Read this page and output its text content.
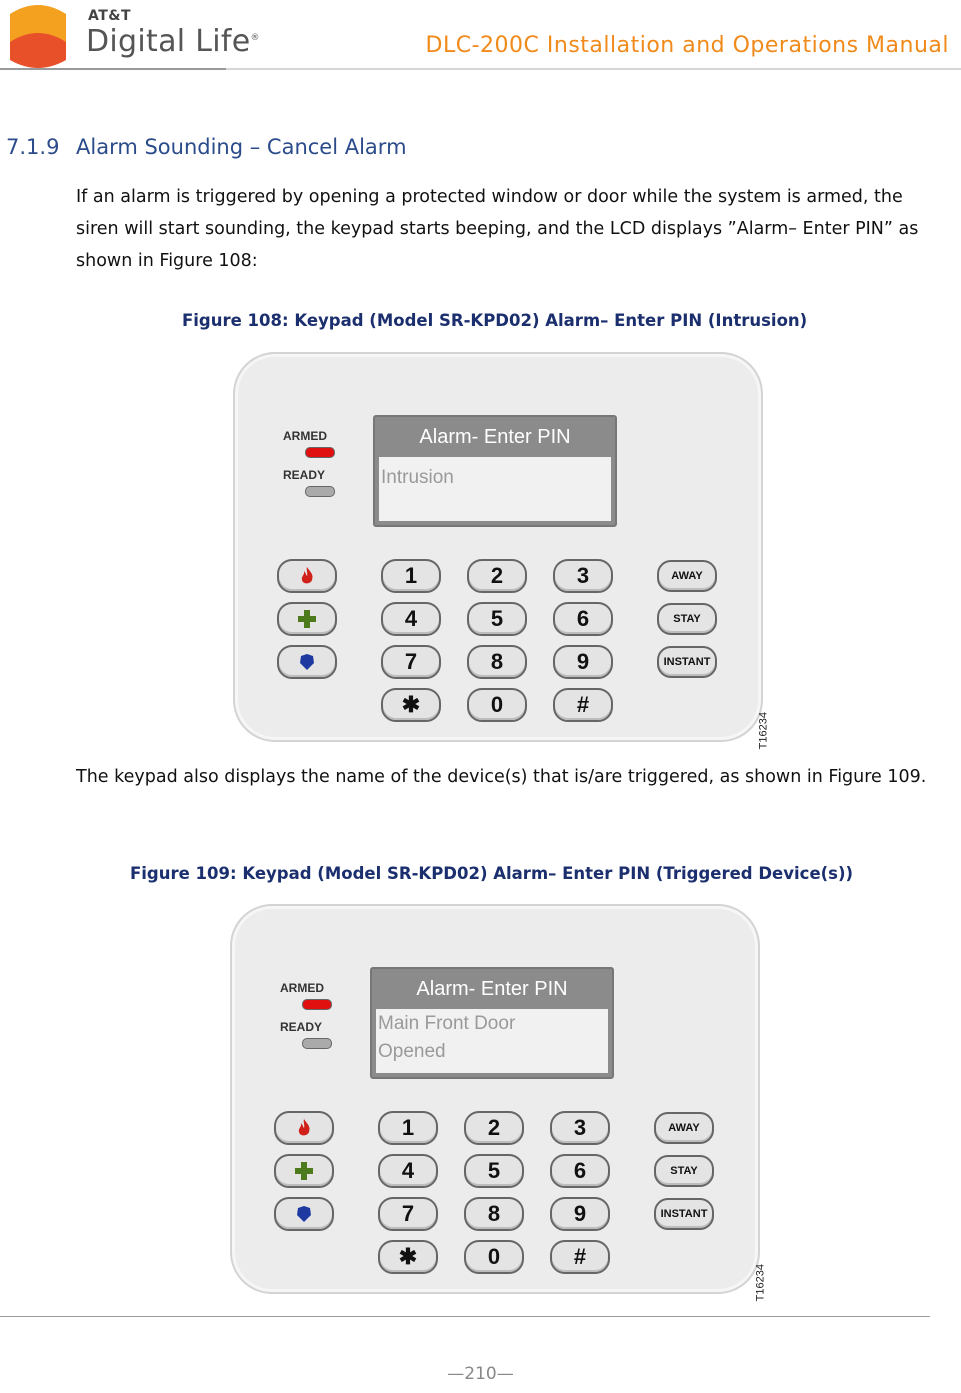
AT&T
Digital Life®	DLC-200C Installation and Operations Manual
7.1.9 Alarm Sounding – Cancel Alarm
If an alarm is triggered by opening a protected window or door while the system is armed, the siren will start sounding, the keypad starts beeping, and the LCD displays ”Alarm– Enter PIN” as shown in Figure 108:
Figure 108: Keypad (Model SR-KPD02) Alarm– Enter PIN (Intrusion)
ARMED
READY
Alarm- Enter PIN
Intrusion
1	2	3
4	5	6
7	8	9
✱	0	#
AWAY
STAY
INSTANT
T16234
The keypad also displays the name of the device(s) that is/are triggered, as shown in Figure 109.
Figure 109: Keypad (Model SR-KPD02) Alarm– Enter PIN (Triggered Device(s))
ARMED
READY
Alarm- Enter PIN
Main Front Door
Opened
1	2	3
4	5	6
7	8	9
✱	0	#
AWAY
STAY
INSTANT
T16234
—210—
